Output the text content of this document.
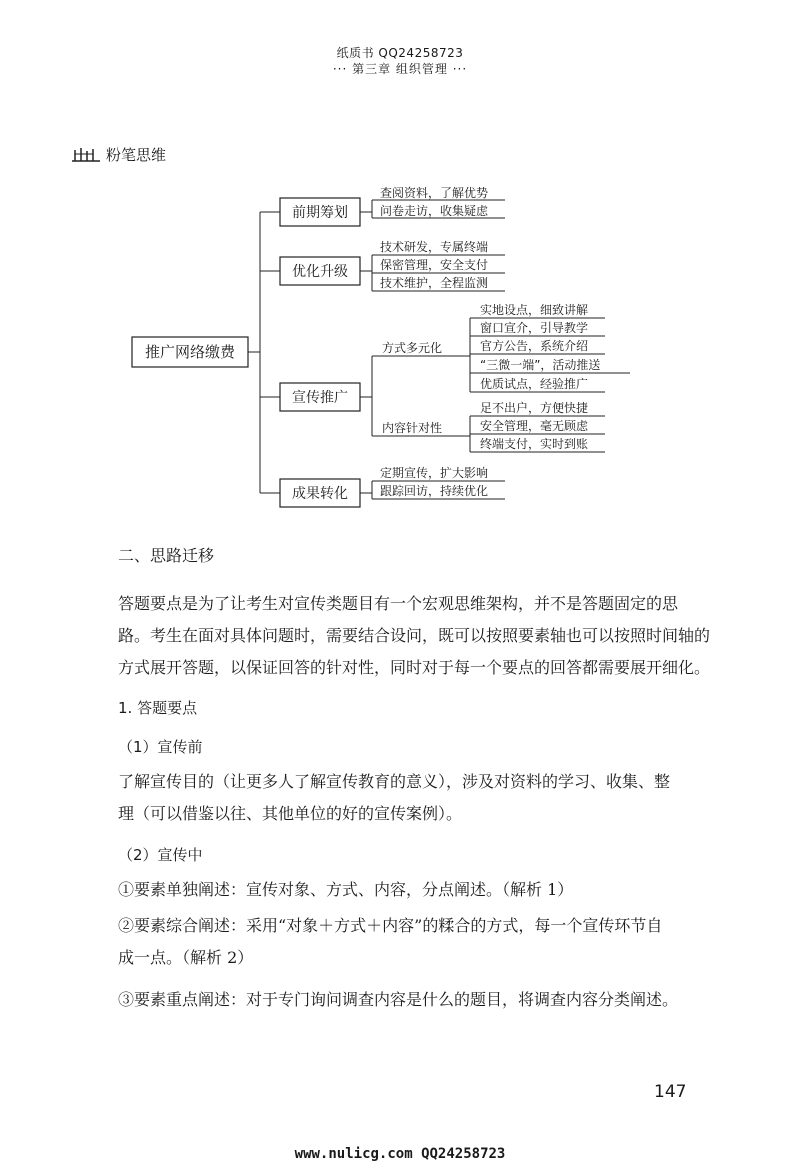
纸质书 QQ24258723
··· 第三章 组织管理 ···
粉笔思维
推广网络缴费
前期筹划
优化升级
宣传推广
成果转化
查阅资料，了解优势
问卷走访，收集疑虑
技术研发，专属终端
保密管理，安全支付
技术维护，全程监测
方式多元化
内容针对性
实地设点，细致讲解
窗口宣介，引导教学
官方公告，系统介绍
“三微一端”，活动推送
优质试点，经验推广
足不出户，方便快捷
安全管理，毫无顾虑
终端支付，实时到账
定期宣传，扩大影响
跟踪回访，持续优化
二、思路迁移
答题要点是为了让考生对宣传类题目有一个宏观思维架构，并不是答题固定的思
路。考生在面对具体问题时，需要结合设问，既可以按照要素轴也可以按照时间轴的
方式展开答题，以保证回答的针对性，同时对于每一个要点的回答都需要展开细化。
1. 答题要点
（1）宣传前
了解宣传目的（让更多人了解宣传教育的意义），涉及对资料的学习、收集、整
理（可以借鉴以往、其他单位的好的宣传案例）。
（2）宣传中
①要素单独阐述：宣传对象、方式、内容，分点阐述。（解析 1）
②要素综合阐述：采用“对象＋方式＋内容”的糅合的方式，每一个宣传环节自
成一点。（解析 2）
③要素重点阐述：对于专门询问调查内容是什么的题目，将调查内容分类阐述。
147
www.nulicg.com QQ24258723
